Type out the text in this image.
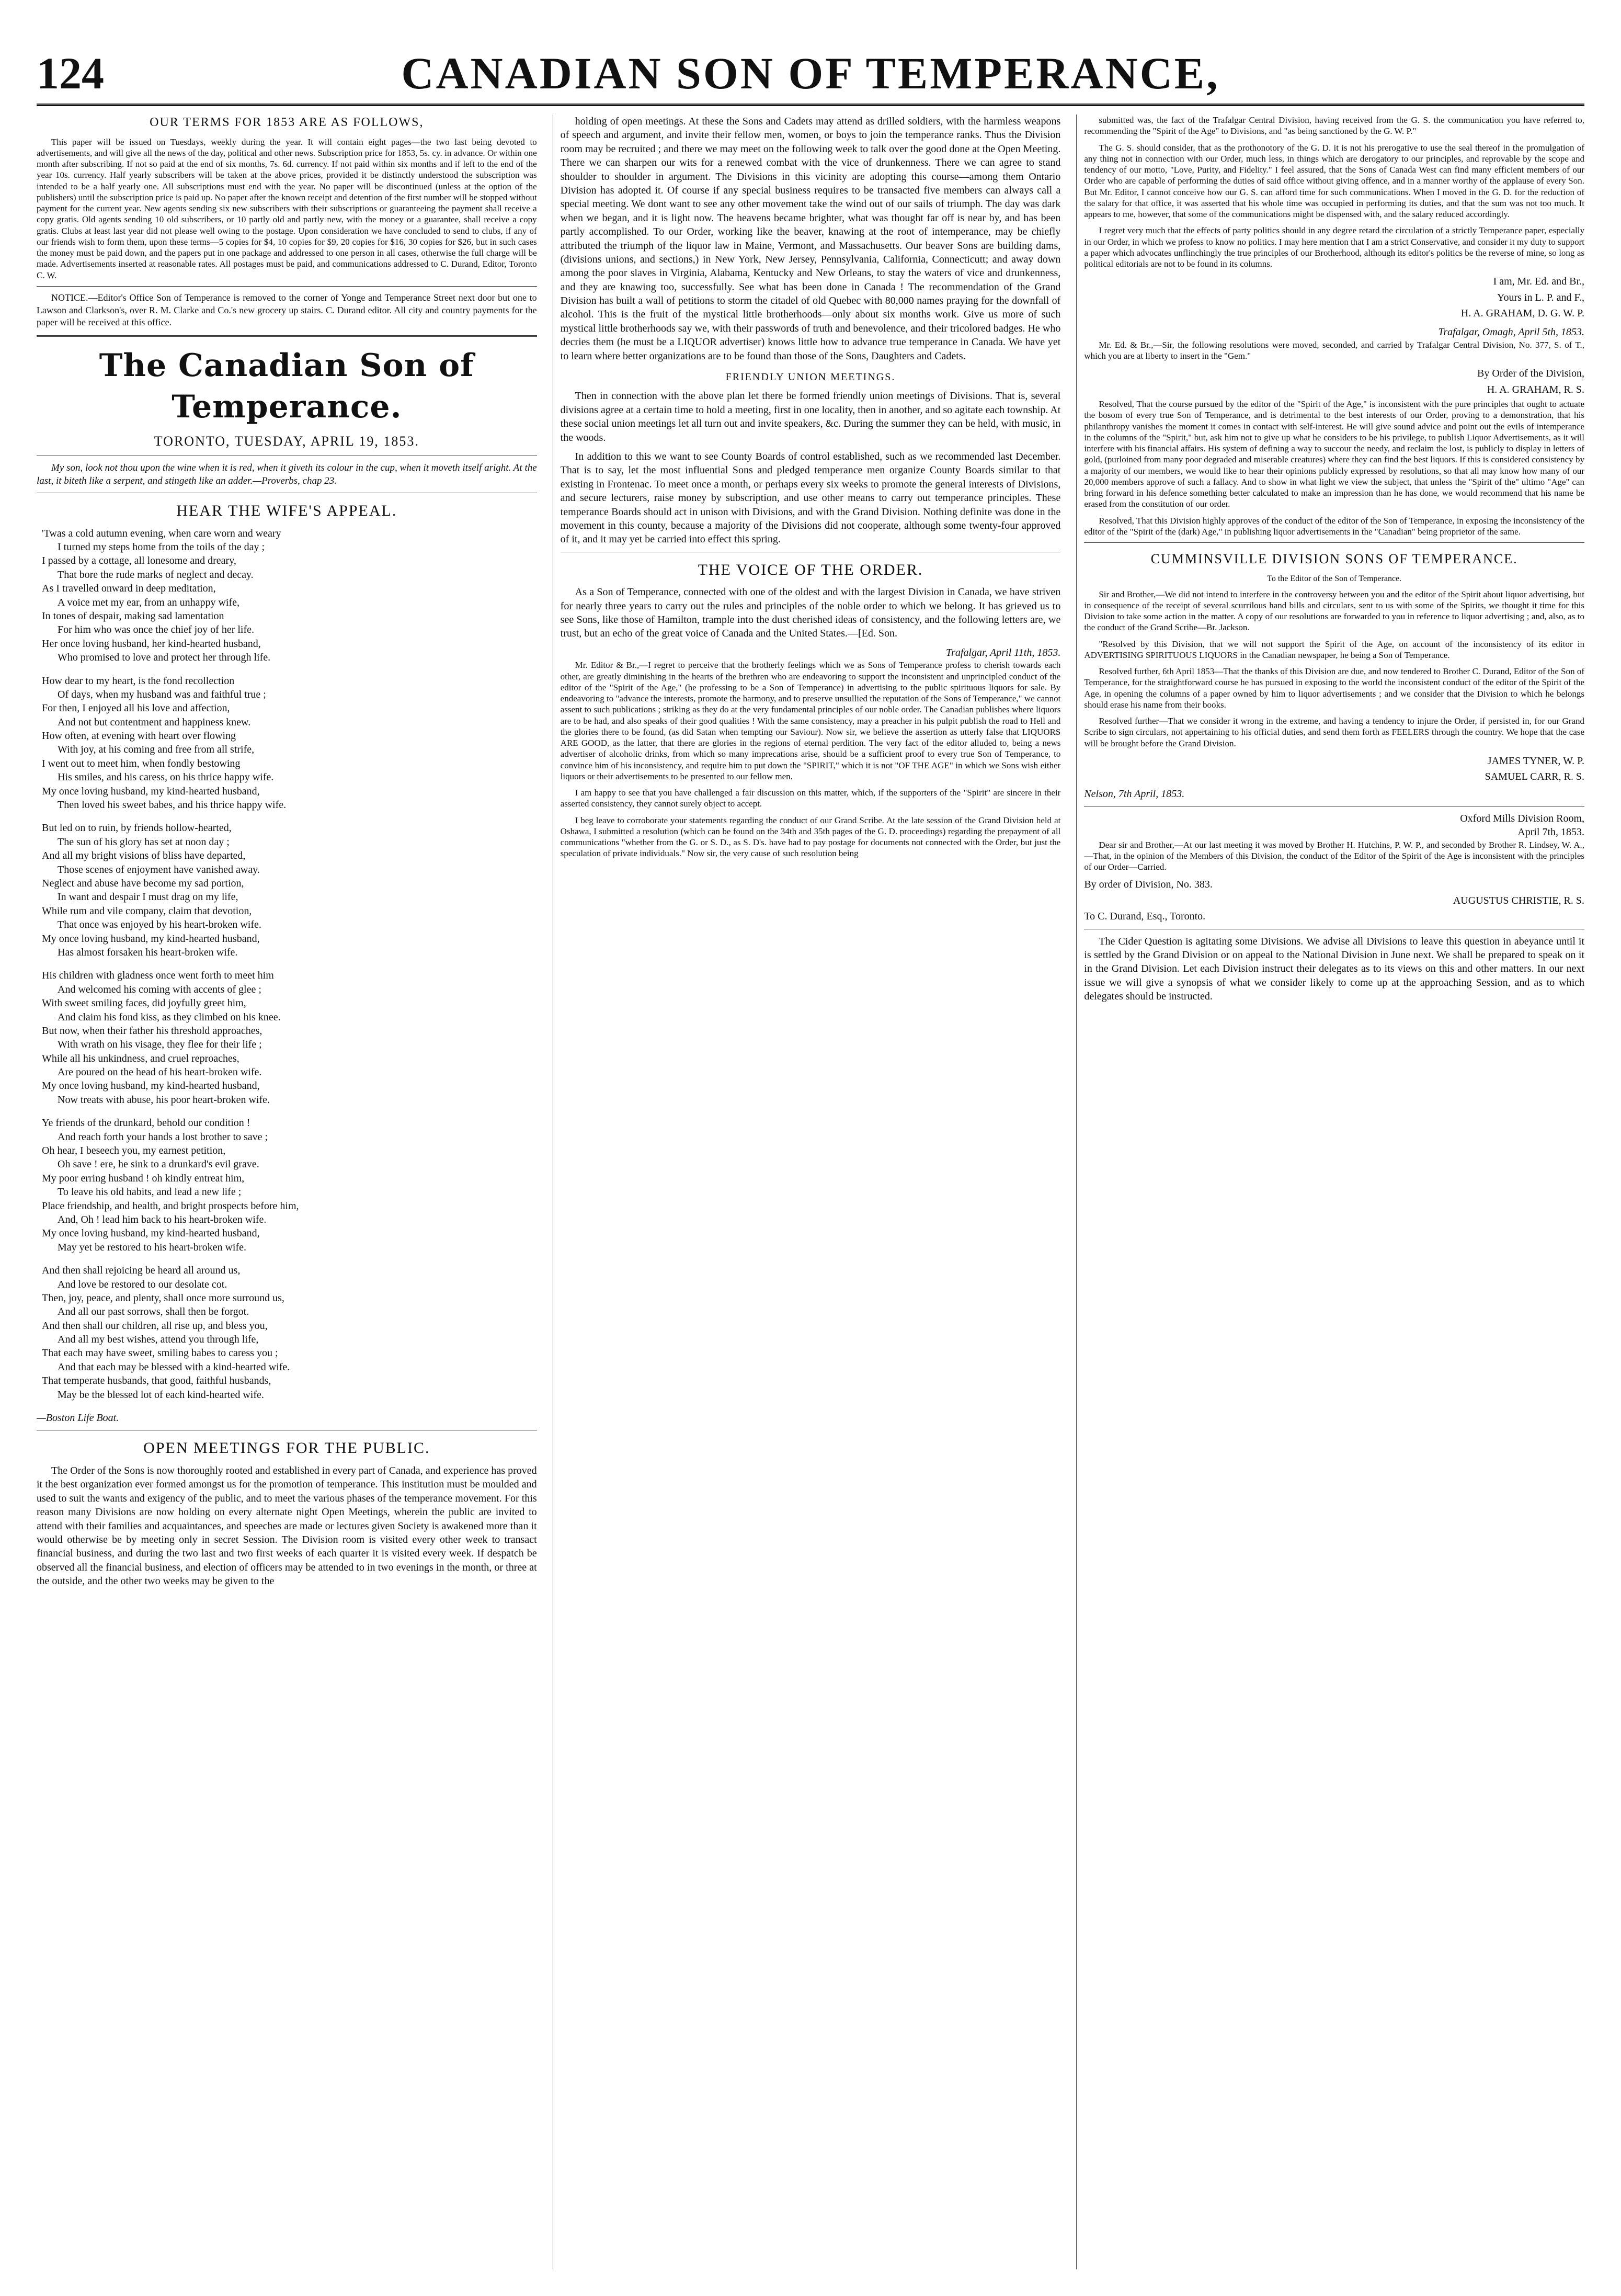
124	CANADIAN SON OF TEMPERANCE,
OUR TERMS FOR 1853 ARE AS FOLLOWS,

This paper will be issued on Tuesdays, weekly during the year. It will contain eight pages—the two last being devoted to advertisements, and will give all the news of the day, political and other news. Subscription price for 1853, 5s. cy. in advance. Or within one month after subscribing. If not so paid at the end of six months, 7s. 6d. currency. If not paid within six months and if left to the end of the year 10s. currency. Half yearly subscribers will be taken at the above prices, provided it be distinctly understood the subscription was intended to be a half yearly one. All subscriptions must end with the year. No paper will be discontinued (unless at the option of the publishers) until the subscription price is paid up. No paper after the known receipt and detention of the first number will be stopped without payment for the current year. New agents sending six new subscribers with their subscriptions or guaranteeing the payment shall receive a copy gratis. Old agents sending 10 old subscribers, or 10 partly old and partly new, with the money or a guarantee, shall receive a copy gratis. Clubs at least last year did not please well owing to the postage. Upon consideration we have concluded to send to clubs, if any of our friends wish to form them, upon these terms—5 copies for $4, 10 copies for $9, 20 copies for $16, 30 copies for $26, but in such cases the money must be paid down, and the papers put in one package and addressed to one person in all cases, otherwise the full charge will be made. Advertisements inserted at reasonable rates. All postages must be paid, and communications addressed to C. Durand, Editor, Toronto C. W.

NOTICE.—Editor's Office Son of Temperance is removed to the corner of Yonge and Temperance Street next door but one to Lawson and Clarkson's, over R. M. Clarke and Co.'s new grocery up stairs. C. Durand editor. All city and country payments for the paper will be received at this office.

The Canadian Son of Temperance.
TORONTO, TUESDAY, APRIL 19, 1853.

My son, look not thou upon the wine when it is red, when it giveth its colour in the cup, when it moveth itself aright. At the last, it biteth like a serpent, and stingeth like an adder.—Proverbs, chap 23.

HEAR THE WIFE'S APPEAL.
'Twas a cold autumn evening, when care worn and weary
I turned my steps home from the toils of the day ;
I passed by a cottage, all lonesome and dreary,
That bore the rude marks of neglect and decay.
As I travelled onward in deep meditation,
A voice met my ear, from an unhappy wife,
In tones of despair, making sad lamentation
For him who was once the chief joy of her life.
Her once loving husband, her kind-hearted husband,
Who promised to love and protect her through life.
How dear to my heart, is the fond recollection
Of days, when my husband was and faithful true ;
For then, I enjoyed all his love and affection,
And not but contentment and happiness knew.
How often, at evening with heart over flowing
With joy, at his coming and free from all strife,
I went out to meet him, when fondly bestowing
His smiles, and his caress, on his thrice happy wife.
My once loving husband, my kind-hearted husband,
Then loved his sweet babes, and his thrice happy wife.
But led on to ruin, by friends hollow-hearted,
The sun of his glory has set at noon day ;
And all my bright visions of bliss have departed,
Those scenes of enjoyment have vanished away.
Neglect and abuse have become my sad portion,
In want and despair I must drag on my life,
While rum and vile company, claim that devotion,
That once was enjoyed by his heart-broken wife.
My once loving husband, my kind-hearted husband,
Has almost forsaken his heart-broken wife.
His children with gladness once went forth to meet him
And welcomed his coming with accents of glee ;
With sweet smiling faces, did joyfully greet him,
And claim his fond kiss, as they climbed on his knee.
But now, when their father his threshold approaches,
With wrath on his visage, they flee for their life ;
While all his unkindness, and cruel reproaches,
Are poured on the head of his heart-broken wife.
My once loving husband, my kind-hearted husband,
Now treats with abuse, his poor heart-broken wife.
Ye friends of the drunkard, behold our condition !
And reach forth your hands a lost brother to save ;
Oh hear, I beseech you, my earnest petition,
Oh save ! ere, he sink to a drunkard's evil grave.
My poor erring husband ! oh kindly entreat him,
To leave his old habits, and lead a new life ;
Place friendship, and health, and bright prospects before him,
And, Oh ! lead him back to his heart-broken wife.
My once loving husband, my kind-hearted husband,
May yet be restored to his heart-broken wife.
And then shall rejoicing be heard all around us,
And love be restored to our desolate cot.
Then, joy, peace, and plenty, shall once more surround us,
And all our past sorrows, shall then be forgot.
And then shall our children, all rise up, and bless you,
And all my best wishes, attend you through life,
That each may have sweet, smiling babes to caress you ;
And that each may be blessed with a kind-hearted wife.
That temperate husbands, that good, faithful husbands,
May be the blessed lot of each kind-hearted wife.
—Boston Life Boat.
OPEN MEETINGS FOR THE PUBLIC.

The Order of the Sons is now thoroughly rooted and established in every part of Canada, and experience has proved it the best organization ever formed amongst us for the promotion of temperance. This institution must be moulded and used to suit the wants and exigency of the public, and to meet the various phases of the temperance movement. For this reason many Divisions are now holding on every alternate night Open Meetings, wherein the public are invited to attend with their families and acquaintances, and speeches are made or lectures given Society is awakened more than it would otherwise be by meeting only in secret Session. The Division room is visited every other week to transact financial business, and during the two last and two first weeks of each quarter it is visited every week. If despatch be observed all the financial business, and election of officers may be attended to in two evenings in the month, or three at the outside, and the other two weeks may be given to the

holding of open meetings. At these the Sons and Cadets may attend as drilled soldiers, with the harmless weapons of speech and argument, and invite their fellow men, women, or boys to join the temperance ranks. Thus the Division room may be recruited ; and there we may meet on the following week to talk over the good done at the Open Meeting. There we can sharpen our wits for a renewed combat with the vice of drunkenness. There we can agree to stand shoulder to shoulder in argument. The Divisions in this vicinity are adopting this course—among them Ontario Division has adopted it. Of course if any special business requires to be transacted five members can always call a special meeting. We dont want to see any other movement take the wind out of our sails of triumph. The day was dark when we began, and it is light now. The heavens became brighter, what was thought far off is near by, and has been partly accomplished. To our Order, working like the beaver, knawing at the root of intemperance, may be chiefly attributed the triumph of the liquor law in Maine, Vermont, and Massachusetts. Our beaver Sons are building dams, (divisions unions, and sections,) in New York, New Jersey, Pennsylvania, California, Connecticutt; and away down among the poor slaves in Virginia, Alabama, Kentucky and New Orleans, to stay the waters of vice and drunkenness, and they are knawing too, successfully. See what has been done in Canada ! The recommendation of the Grand Division has built a wall of petitions to storm the citadel of old Quebec with 80,000 names praying for the downfall of alcohol. This is the fruit of the mystical little brotherhoods—only about six months work. Give us more of such mystical little brotherhoods say we, with their passwords of truth and benevolence, and their tricolored badges. He who decries them (he must be a LIQUOR advertiser) knows little how to advance true temperance in Canada. We have yet to learn where better organizations are to be found than those of the Sons, Daughters and Cadets.

FRIENDLY UNION MEETINGS.

Then in connection with the above plan let there be formed friendly union meetings of Divisions. That is, several divisions agree at a certain time to hold a meeting, first in one locality, then in another, and so agitate each township. At these social union meetings let all turn out and invite speakers, &c. During the summer they can be held, with music, in the woods.

In addition to this we want to see County Boards of control established, such as we recommended last December. That is to say, let the most influential Sons and pledged temperance men organize County Boards similar to that existing in Frontenac. To meet once a month, or perhaps every six weeks to promote the general interests of Divisions, and secure lecturers, raise money by subscription, and use other means to carry out temperance principles. These temperance Boards should act in unison with Divisions, and with the Grand Division. Nothing definite was done in the movement in this county, because a majority of the Divisions did not cooperate, although some twenty-four approved of it, and it may yet be carried into effect this spring.

THE VOICE OF THE ORDER.

As a Son of Temperance, connected with one of the oldest and with the largest Division in Canada, we have striven for nearly three years to carry out the rules and principles of the noble order to which we belong. It has grieved us to see Sons, like those of Hamilton, trample into the dust cherished ideas of consistency, and the following letters are, we trust, but an echo of the great voice of Canada and the United States.—[Ed. Son.

Trafalgar, April 11th, 1853.

Mr. Editor & Br.,—I regret to perceive that the brotherly feelings which we as Sons of Temperance profess to cherish towards each other, are greatly diminishing in the hearts of the brethren who are endeavoring to support the inconsistent and unprincipled conduct of the editor of the "Spirit of the Age," (he professing to be a Son of Temperance) in advertising to the public spirituous liquors for sale. By endeavoring to "advance the interests, promote the harmony, and to preserve unsullied the reputation of the Sons of Temperance," we cannot assent to such publications ; striking as they do at the very fundamental principles of our noble order. The Canadian publishes where liquors are to be had, and also speaks of their good qualities ! With the same consistency, may a preacher in his pulpit publish the road to Hell and the glories there to be found, (as did Satan when tempting our Saviour). Now sir, we believe the assertion as utterly false that LIQUORS ARE GOOD, as the latter, that there are glories in the regions of eternal perdition. The very fact of the editor alluded to, being a news advertiser of alcoholic drinks, from which so many imprecations arise, should be a sufficient proof to every true Son of Temperance, to convince him of his inconsistency, and require him to put down the "SPIRIT," which it is not "OF THE AGE" in which we Sons wish either liquors or their advertisements to be presented to our fellow men.

I am happy to see that you have challenged a fair discussion on this matter, which, if the supporters of the "Spirit" are sincere in their asserted consistency, they cannot surely object to accept.

I beg leave to corroborate your statements regarding the conduct of our Grand Scribe. At the late session of the Grand Division held at Oshawa, I submitted a resolution (which can be found on the 34th and 35th pages of the G. D. proceedings) regarding the prepayment of all communications "whether from the G. or S. D., as S. D's. have had to pay postage for documents not connected with the Order, but just the speculation of private individuals." Now sir, the very cause of such resolution being

submitted was, the fact of the Trafalgar Central Division, having received from the G. S. the communication you have referred to, recommending the "Spirit of the Age" to Divisions, and "as being sanctioned by the G. W. P."

The G. S. should consider, that as the prothonotory of the G. D. it is not his prerogative to use the seal thereof in the promulgation of any thing not in connection with our Order, much less, in things which are derogatory to our principles, and reprovable by the scope and tendency of our motto, "Love, Purity, and Fidelity." I feel assured, that the Sons of Canada West can find many efficient members of our Order who are capable of performing the duties of said office without giving offence, and in a manner worthy of the applause of every Son. But Mr. Editor, I cannot conceive how our G. S. can afford time for such communications. When I moved in the G. D. for the reduction of the salary for that office, it was asserted that his whole time was occupied in performing its duties, and that the sum was not too much. It appears to me, however, that some of the communications might be dispensed with, and the salary reduced accordingly.

I regret very much that the effects of party politics should in any degree retard the circulation of a strictly Temperance paper, especially in our Order, in which we profess to know no politics. I may here mention that I am a strict Conservative, and consider it my duty to support a paper which advocates unflinchingly the true principles of our Brotherhood, although its editor's politics be the reverse of mine, so long as political editorials are not to be found in its columns.

I am, Mr. Ed. and Br.,
Yours in L. P. and F.,
H. A. GRAHAM, D. G. W. P.
Trafalgar, Omagh, April 5th, 1853.

Mr. Ed. & Br.,—Sir, the following resolutions were moved, seconded, and carried by Trafalgar Central Division, No. 377, S. of T., which you are at liberty to insert in the "Gem."

By Order of the Division,
H. A. GRAHAM, R. S.

Resolved, That the course pursued by the editor of the "Spirit of the Age," is inconsistent with the pure principles that ought to actuate the bosom of every true Son of Temperance, and is detrimental to the best interests of our Order, proving to a demonstration, that his philanthropy vanishes the moment it comes in contact with self-interest. He will give sound advice and point out the evils of intemperance in the columns of the "Spirit," but, ask him not to give up what he considers to be his privilege, to publish Liquor Advertisements, as it will interfere with his financial affairs. His system of defining a way to succour the needy, and reclaim the lost, is publicly to display in letters of gold, (purloined from many poor degraded and miserable creatures) where they can find the best liquors. If this is considered consistency by a majority of our members, we would like to hear their opinions publicly expressed by resolutions, so that all may know how many of our 20,000 members approve of such a fallacy. And to show in what light we view the subject, that unless the "Spirit of the" ultimo "Age" can bring forward in his defence something better calculated to make an impression than he has done, we would recommend that his name be erased from the constitution of our order.

Resolved, That this Division highly approves of the conduct of the editor of the Son of Temperance, in exposing the inconsistency of the editor of the "Spirit of the (dark) Age," in publishing liquor advertisements in the "Canadian" being proprietor of the same.

CUMMINSVILLE DIVISION SONS OF TEMPERANCE.
To the Editor of the Son of Temperance.

Sir and Brother,—We did not intend to interfere in the controversy between you and the editor of the Spirit about liquor advertising, but in consequence of the receipt of several scurrilous hand bills and circulars, sent to us with some of the Spirits, we thought it time for this Division to take some action in the matter. A copy of our resolutions are forwarded to you in reference to liquor advertising ; and, also, as to the conduct of the Grand Scribe—Br. Jackson.

"Resolved by this Division, that we will not support the Spirit of the Age, on account of the inconsistency of its editor in ADVERTISING SPIRITUOUS LIQUORS in the Canadian newspaper, he being a Son of Temperance.

Resolved further, 6th April 1853—That the thanks of this Division are due, and now tendered to Brother C. Durand, Editor of the Son of Temperance, for the straightforward course he has pursued in exposing to the world the inconsistent conduct of the editor of the Spirit of the Age, in opening the columns of a paper owned by him to liquor advertisements ; and we consider that the Division to which he belongs should erase his name from their books.

Resolved further—That we consider it wrong in the extreme, and having a tendency to injure the Order, if persisted in, for our Grand Scribe to sign circulars, not appertaining to his official duties, and send them forth as FEELERS through the country. We hope that the case will be brought before the Grand Division.

JAMES TYNER, W. P.
SAMUEL CARR, R. S.
Nelson, 7th April, 1853.
Oxford Mills Division Room,
April 7th, 1853.

Dear sir and Brother,—At our last meeting it was moved by Brother H. Hutchins, P. W. P., and seconded by Brother R. Lindsey, W. A.,—That, in the opinion of the Members of this Division, the conduct of the Editor of the Spirit of the Age is inconsistent with the principles of our Order—Carried.

By order of Division, No. 383.
AUGUSTUS CHRISTIE, R. S.
To C. Durand, Esq., Toronto.

The Cider Question is agitating some Divisions. We advise all Divisions to leave this question in abeyance until it is settled by the Grand Division or on appeal to the National Division in June next. We shall be prepared to speak on it in the Grand Division. Let each Division instruct their delegates as to its views on this and other matters. In our next issue we will give a synopsis of what we consider likely to come up at the approaching Session, and as to which delegates should be instructed.
